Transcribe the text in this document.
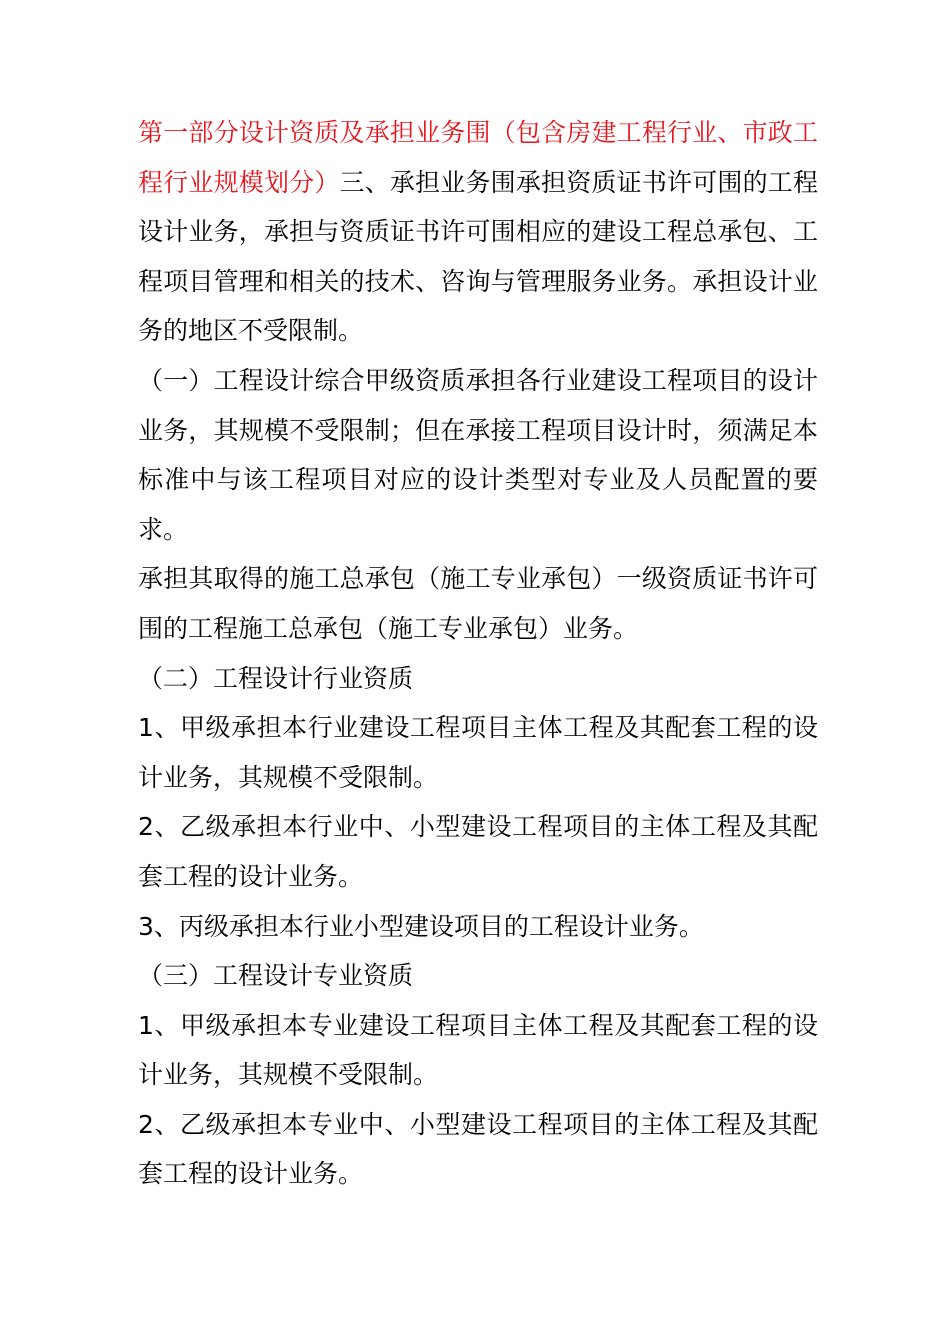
第一部分设计资质及承担业务围（包含房建工程行业、市政工程行业规模划分）三、承担业务围承担资质证书许可围的工程设计业务，承担与资质证书许可围相应的建设工程总承包、工程项目管理和相关的技术、咨询与管理服务业务。承担设计业务的地区不受限制。

（一）工程设计综合甲级资质承担各行业建设工程项目的设计业务，其规模不受限制；但在承接工程项目设计时，须满足本标准中与该工程项目对应的设计类型对专业及人员配置的要求。

承担其取得的施工总承包（施工专业承包）一级资质证书许可围的工程施工总承包（施工专业承包）业务。

（二）工程设计行业资质

1、甲级承担本行业建设工程项目主体工程及其配套工程的设计业务，其规模不受限制。

2、乙级承担本行业中、小型建设工程项目的主体工程及其配套工程的设计业务。

3、丙级承担本行业小型建设项目的工程设计业务。

（三）工程设计专业资质

1、甲级承担本专业建设工程项目主体工程及其配套工程的设计业务，其规模不受限制。

2、乙级承担本专业中、小型建设工程项目的主体工程及其配套工程的设计业务。
